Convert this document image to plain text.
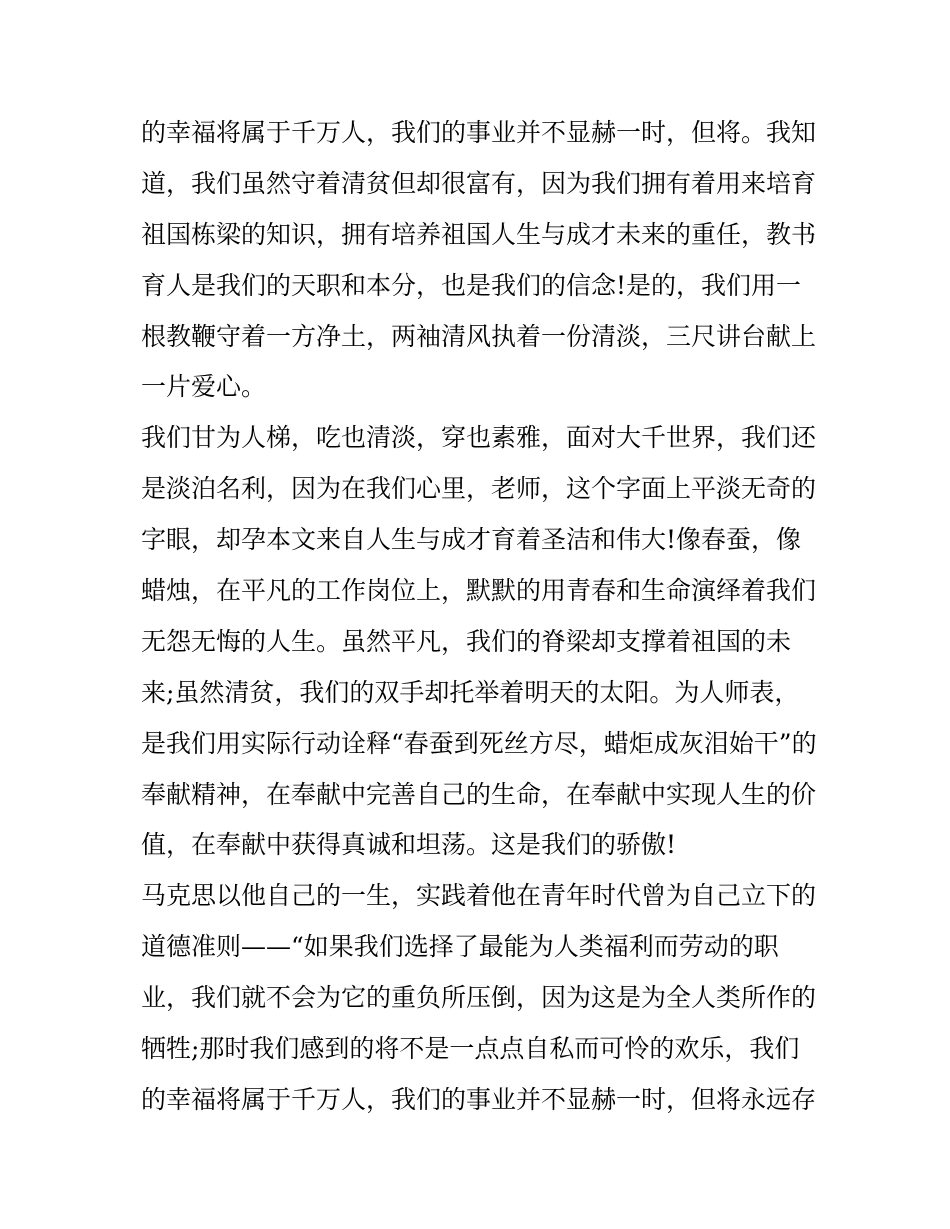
的幸福将属于千万人，我们的事业并不显赫一时，但将。我知
道，我们虽然守着清贫但却很富有，因为我们拥有着用来培育
祖国栋梁的知识，拥有培养祖国人生与成才未来的重任，教书
育人是我们的天职和本分，也是我们的信念!是的，我们用一
根教鞭守着一方净土，两袖清风执着一份清淡，三尺讲台献上
一片爱心。
我们甘为人梯，吃也清淡，穿也素雅，面对大千世界，我们还
是淡泊名利，因为在我们心里，老师，这个字面上平淡无奇的
字眼，却孕本文来自人生与成才育着圣洁和伟大!像春蚕，像
蜡烛，在平凡的工作岗位上，默默的用青春和生命演绎着我们
无怨无悔的人生。虽然平凡，我们的脊梁却支撑着祖国的未
来;虽然清贫，我们的双手却托举着明天的太阳。为人师表，
是我们用实际行动诠释“春蚕到死丝方尽，蜡炬成灰泪始干”的
奉献精神，在奉献中完善自己的生命，在奉献中实现人生的价
值，在奉献中获得真诚和坦荡。这是我们的骄傲!
马克思以他自己的一生，实践着他在青年时代曾为自己立下的
道德准则——“如果我们选择了最能为人类福利而劳动的职
业，我们就不会为它的重负所压倒，因为这是为全人类所作的
牺牲;那时我们感到的将不是一点点自私而可怜的欢乐，我们
的幸福将属于千万人，我们的事业并不显赫一时，但将永远存
